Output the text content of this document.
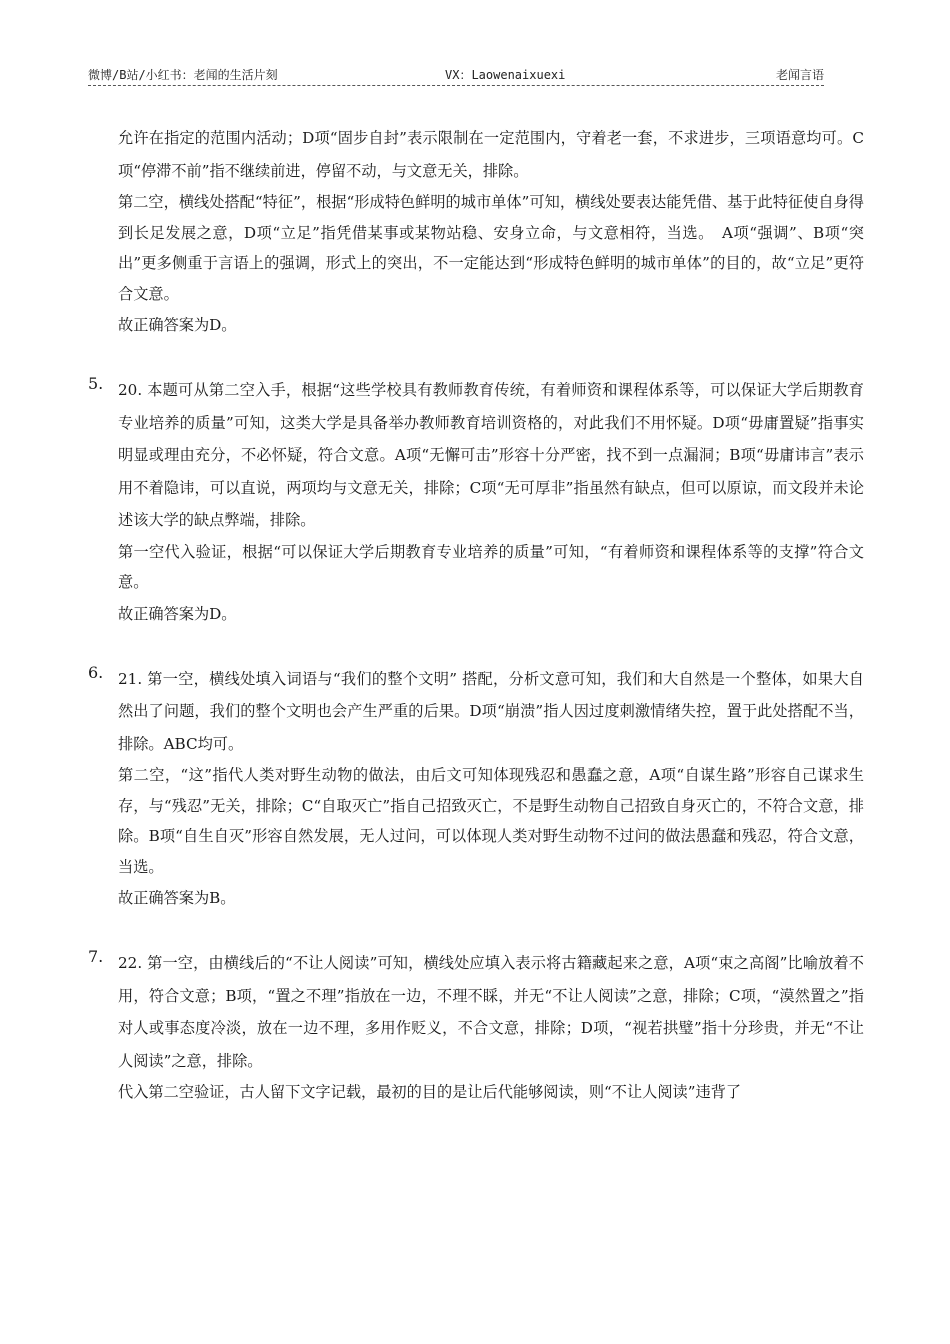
微博/B站/小红书：老闻的生活片刻	VX：Laowenaixuexi	老闻言语

允许在指定的范围内活动；D项“固步自封”表示限制在一定范围内，守着老一套，不求进步，三项语意均可。C项“停滞不前”指不继续前进，停留不动，与文意无关，排除。

第二空，横线处搭配“特征”，根据“形成特色鲜明的城市单体”可知，横线处要表达能凭借、基于此特征使自身得到长足发展之意，D项“立足”指凭借某事或某物站稳、安身立命，与文意相符，当选。　A项“强调”、B项“突出”更多侧重于言语上的强调，形式上的突出，不一定能达到“形成特色鲜明的城市单体”的目的，故“立足”更符合文意。

故正确答案为D。

5. 20. 本题可从第二空入手，根据“这些学校具有教师教育传统，有着师资和课程体系等，可以保证大学后期教育专业培养的质量”可知，这类大学是具备举办教师教育培训资格的，对此我们不用怀疑。D项“毋庸置疑”指事实明显或理由充分，不必怀疑，符合文意。A项“无懈可击”形容十分严密，找不到一点漏洞；B项“毋庸讳言”表示用不着隐讳，可以直说，两项均与文意无关，排除；C项“无可厚非”指虽然有缺点，但可以原谅，而文段并未论述该大学的缺点弊端，排除。

第一空代入验证，根据“可以保证大学后期教育专业培养的质量”可知，“有着师资和课程体系等的支撑”符合文意。

故正确答案为D。

6. 21. 第一空，横线处填入词语与“我们的整个文明” 搭配，分析文意可知，我们和大自然是一个整体，如果大自然出了问题，我们的整个文明也会产生严重的后果。D项“崩溃”指人因过度刺激情绪失控，置于此处搭配不当，排除。ABC均可。

第二空，“这”指代人类对野生动物的做法，由后文可知体现残忍和愚蠢之意，A项“自谋生路”形容自己谋求生存，与“残忍”无关，排除；C“自取灭亡”指自己招致灭亡，不是野生动物自己招致自身灭亡的，不符合文意，排除。B项“自生自灭”形容自然发展，无人过问，可以体现人类对野生动物不过问的做法愚蠢和残忍，符合文意，当选。

故正确答案为B。

7. 22. 第一空，由横线后的“不让人阅读”可知，横线处应填入表示将古籍藏起来之意，A项“束之高阁”比喻放着不用，符合文意；B项，“置之不理”指放在一边，不理不睬，并无“不让人阅读”之意，排除；C项，“漠然置之”指对人或事态度冷淡，放在一边不理，多用作贬义，不合文意，排除；D项，“视若拱璧”指十分珍贵，并无“不让人阅读”之意，排除。

代入第二空验证，古人留下文字记载，最初的目的是让后代能够阅读，则“不让人阅读”违背了
